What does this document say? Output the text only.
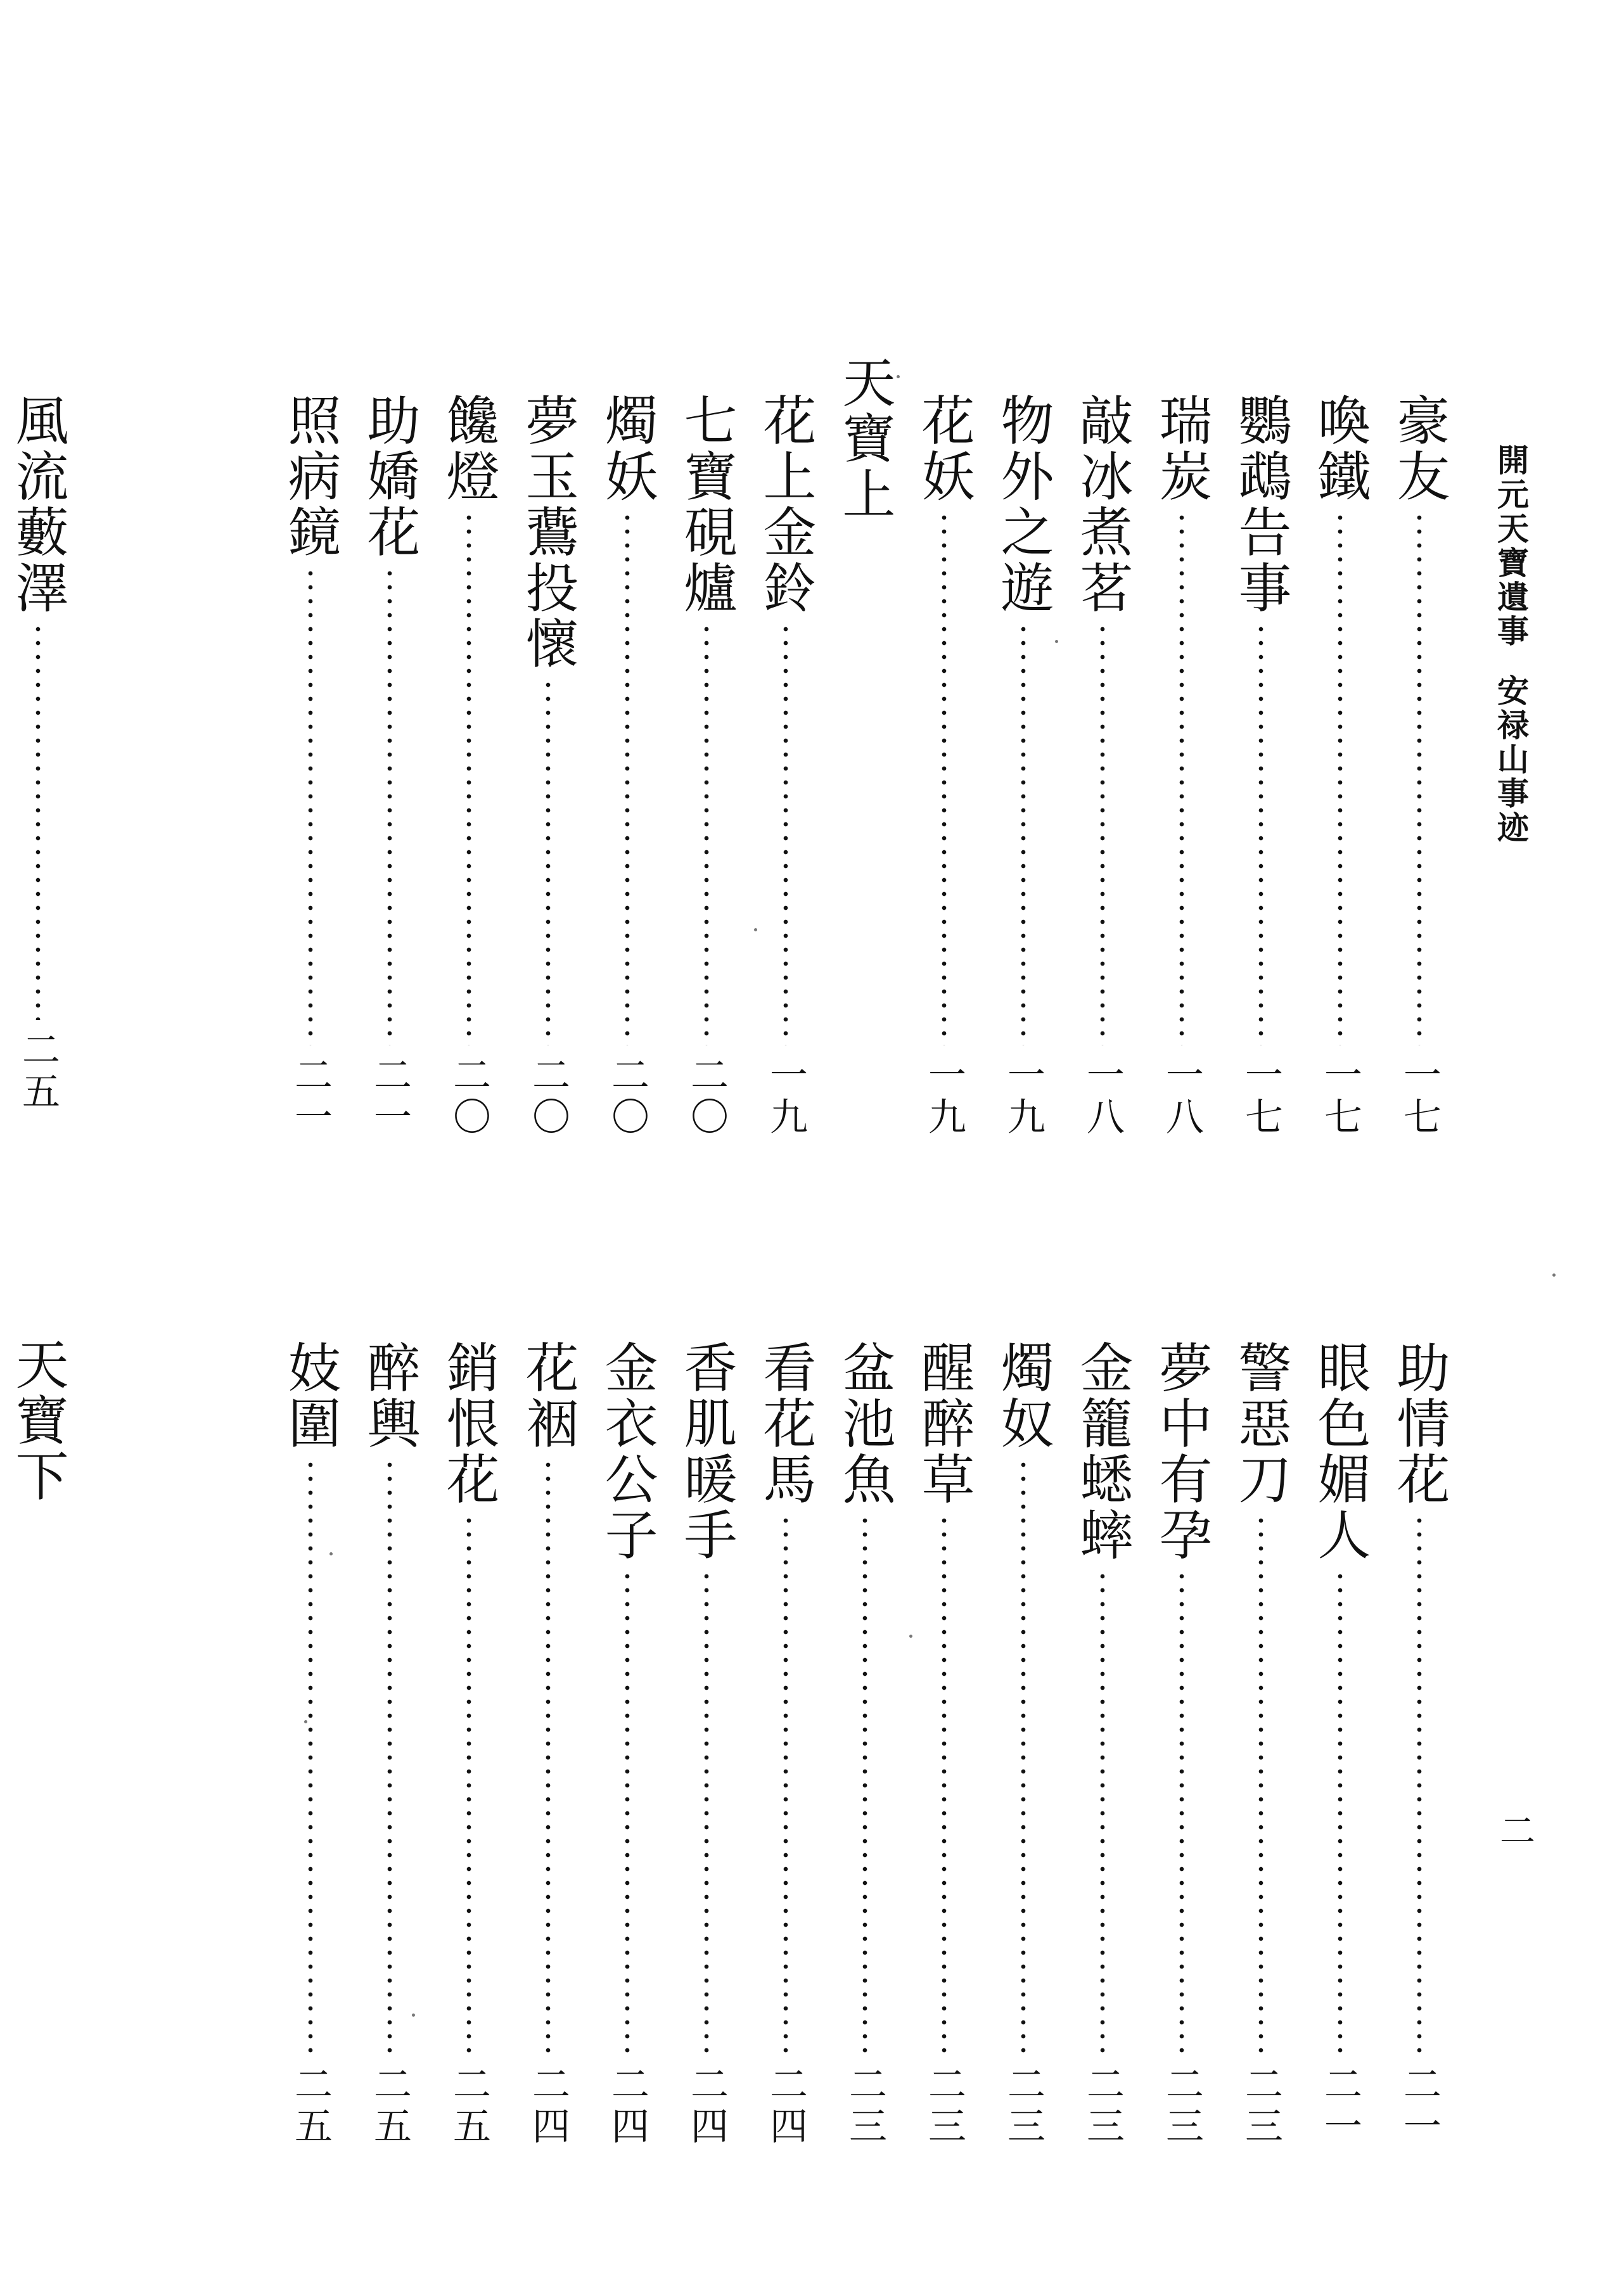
開元天寶遺事安禄山事迹
二
豪友
一七
喚鐵
一七
鸚鵡告事
一七
瑞炭
一八
敲冰煮茗
一八
物外之遊
一九
花妖
一九
天寶上
花上金鈴
一九
七寶硯爐
二〇
燭妖
二〇
夢玉鷰投懷
二〇
饞燈
二〇
助嬌花
二一
照病鏡
二一
風流藪澤
二五
助情花
二一
眼色媚人
二一
警惡刀
二三
夢中有孕
二三
金籠蟋蟀
二三
燭奴
二三
醒醉草
二三
盆池魚
二三
看花馬
二四
香肌暖手
二四
金衣公子
二四
花裀
二四
銷恨花
二五
醉輿
二五
妓圍
二五
天寶下
